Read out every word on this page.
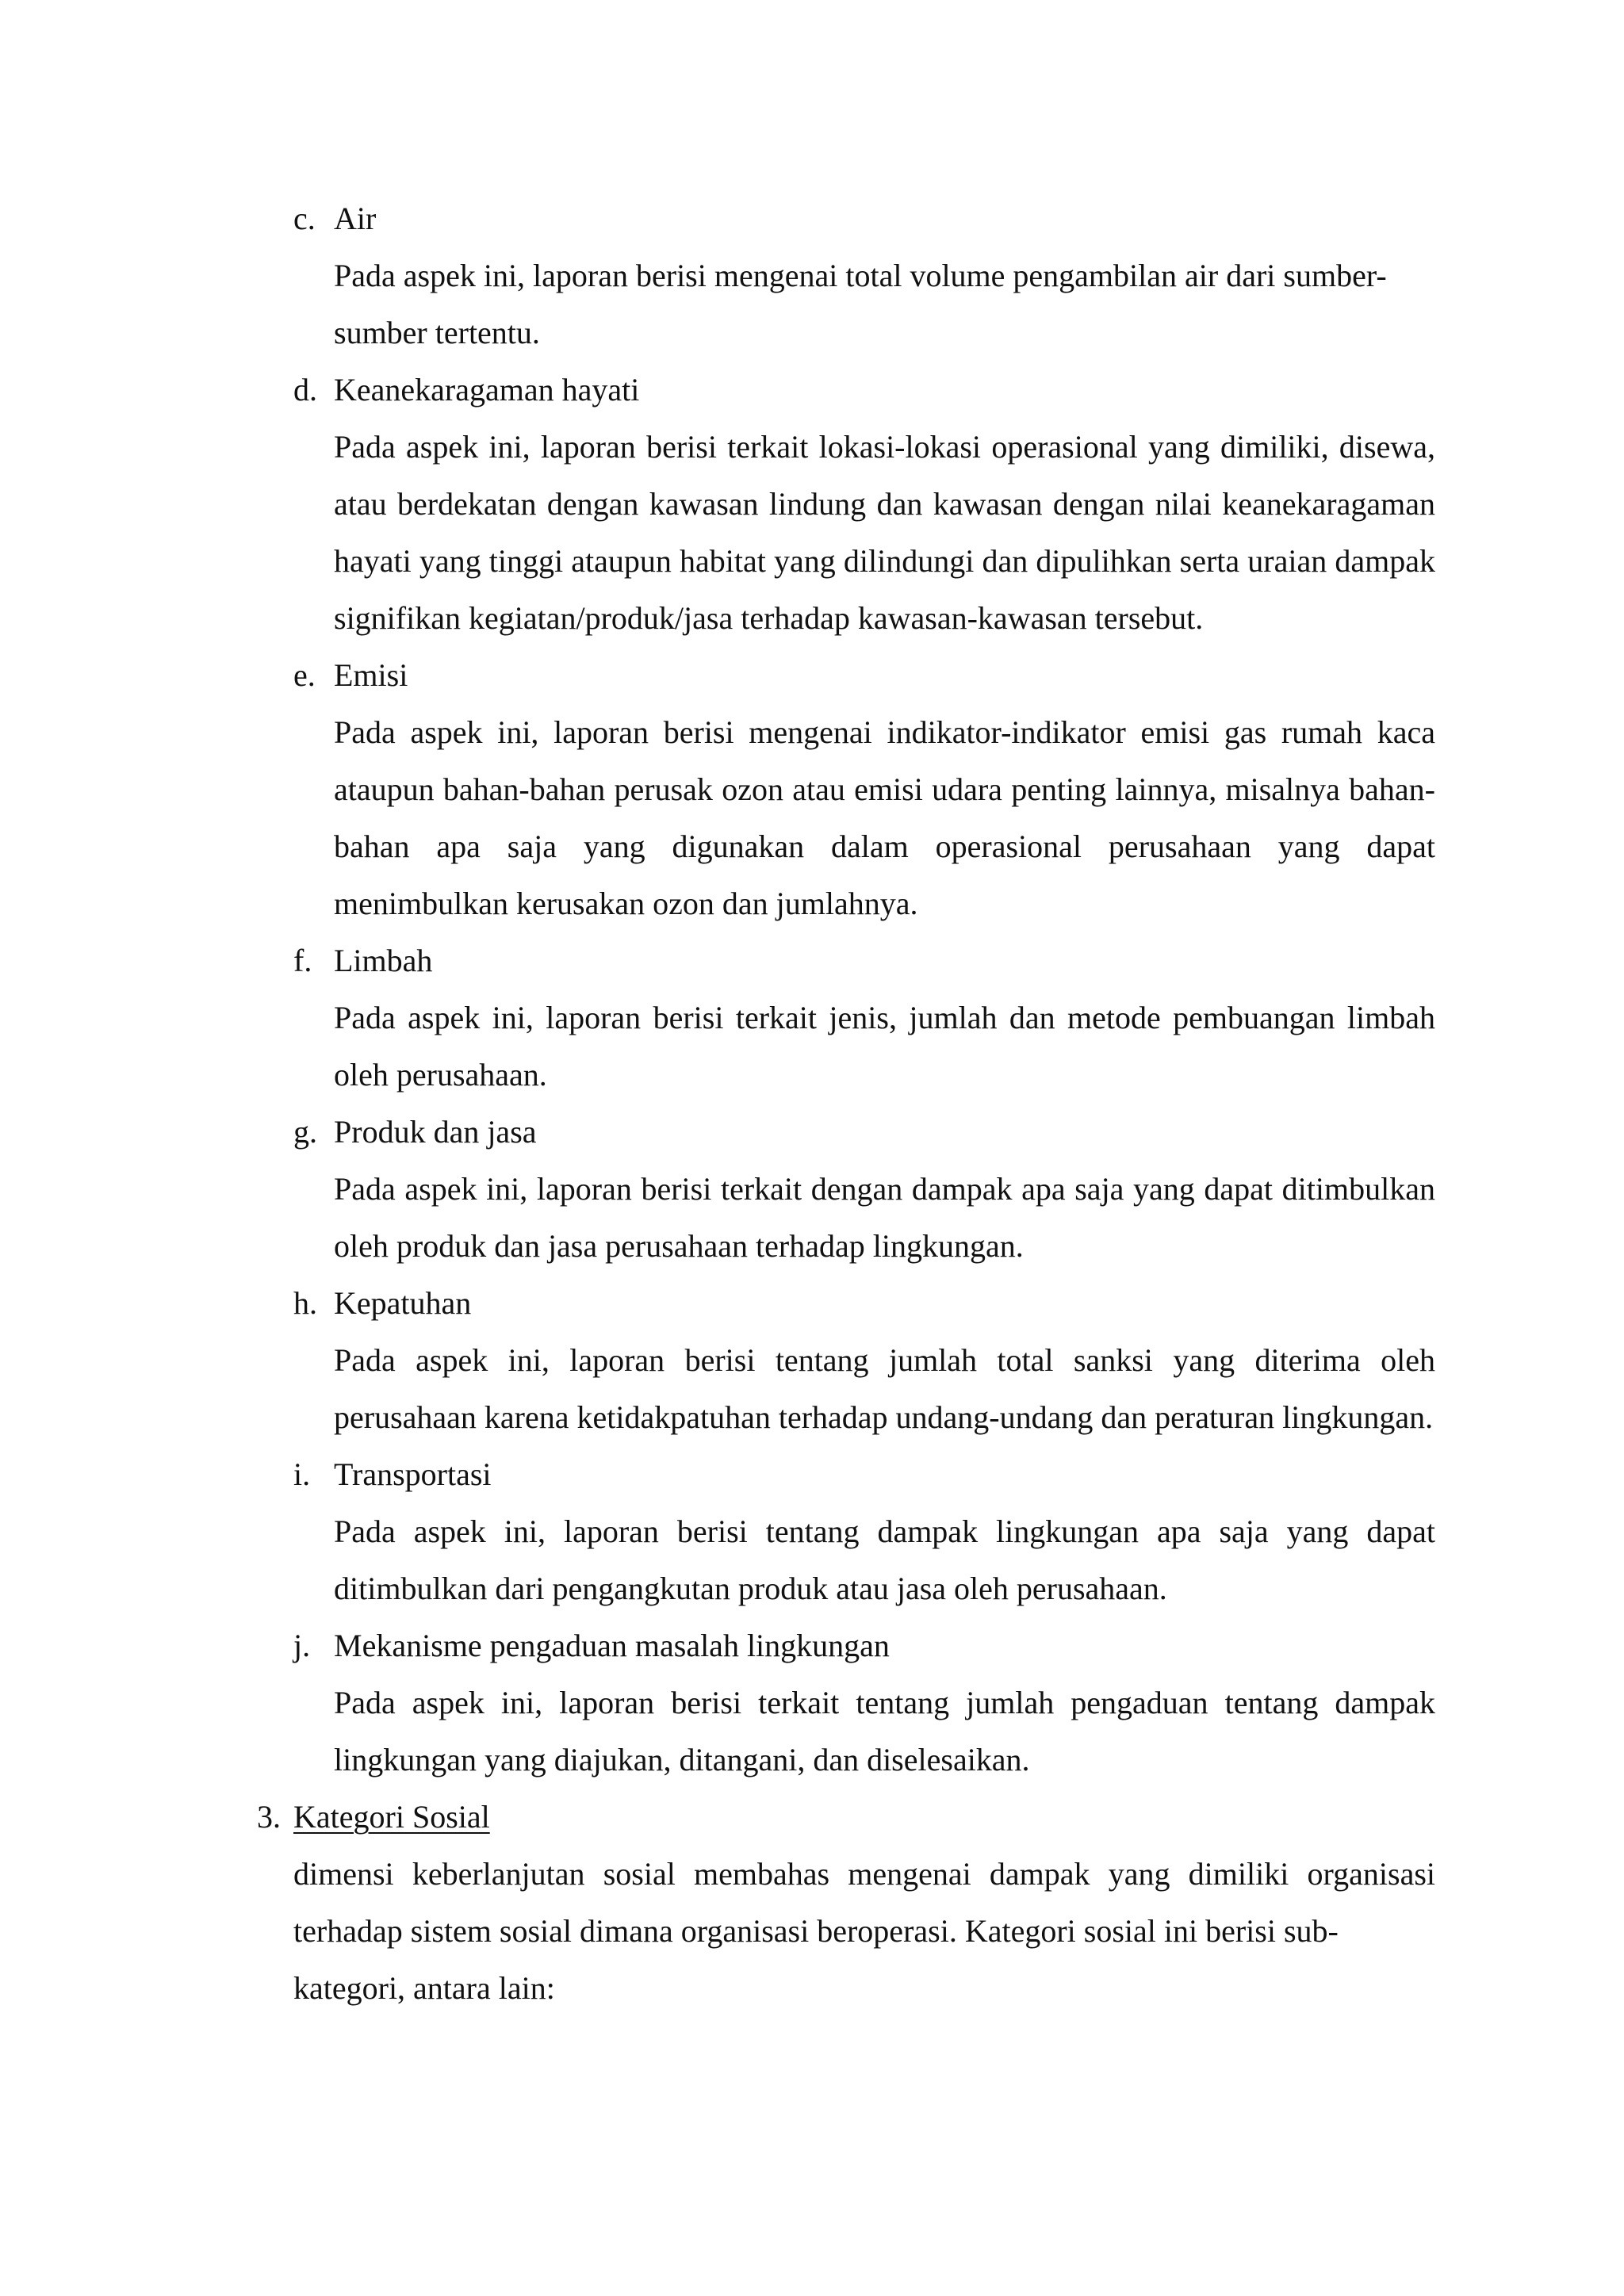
c. Air
Pada aspek ini, laporan berisi mengenai total volume pengambilan air dari sumber-
sumber tertentu.
d. Keanekaragaman hayati
Pada aspek ini, laporan berisi terkait lokasi-lokasi operasional yang dimiliki, disewa, atau berdekatan dengan kawasan lindung dan kawasan dengan nilai keanekaragaman hayati yang tinggi ataupun habitat yang dilindungi dan dipulihkan serta uraian dampak signifikan kegiatan/produk/jasa terhadap kawasan-kawasan tersebut.
e. Emisi
Pada aspek ini, laporan berisi mengenai indikator-indikator emisi gas rumah kaca ataupun bahan-bahan perusak ozon atau emisi udara penting lainnya, misalnya bahan-bahan apa saja yang digunakan dalam operasional perusahaan yang dapat menimbulkan kerusakan ozon dan jumlahnya.
f. Limbah
Pada aspek ini, laporan berisi terkait jenis, jumlah dan metode pembuangan limbah oleh perusahaan.
g. Produk dan jasa
Pada aspek ini, laporan berisi terkait dengan dampak apa saja yang dapat ditimbulkan oleh produk dan jasa perusahaan terhadap lingkungan.
h. Kepatuhan
Pada aspek ini, laporan berisi tentang jumlah total sanksi yang diterima oleh perusahaan karena ketidakpatuhan terhadap undang-undang dan peraturan lingkungan.
i. Transportasi
Pada aspek ini, laporan berisi tentang dampak lingkungan apa saja yang dapat ditimbulkan dari pengangkutan produk atau jasa oleh perusahaan.
j. Mekanisme pengaduan masalah lingkungan
Pada aspek ini, laporan berisi terkait tentang jumlah pengaduan tentang dampak lingkungan yang diajukan, ditangani, dan diselesaikan.
3. Kategori Sosial
dimensi keberlanjutan sosial membahas mengenai dampak yang dimiliki organisasi terhadap sistem sosial dimana organisasi beroperasi. Kategori sosial ini berisi sub-
kategori, antara lain:
